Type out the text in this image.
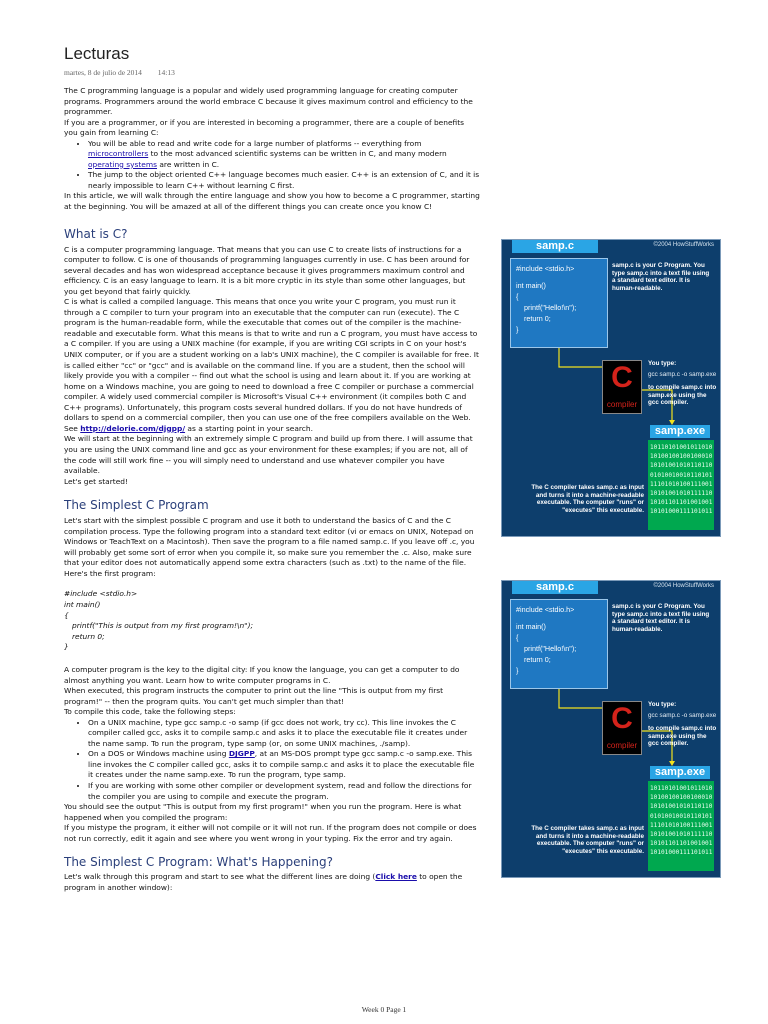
Lecturas
martes, 8 de julio de 2014 14:13

The C programming language is a popular and widely used programming language for creating computer programs. Programmers around the world embrace C because it gives maximum control and efficiency to the programmer.

If you are a programmer, or if you are interested in becoming a programmer, there are a couple of benefits you gain from learning C:

• You will be able to read and write code for a large number of platforms -- everything from microcontrollers to the most advanced scientific systems can be written in C, and many modern operating systems are written in C.
• The jump to the object oriented C++ language becomes much easier. C++ is an extension of C, and it is nearly impossible to learn C++ without learning C first.

In this article, we will walk through the entire language and show you how to become a C programmer, starting at the beginning. You will be amazed at all of the different things you can create once you know C!

What is C?

C is a computer programming language. That means that you can use C to create lists of instructions for a computer to follow. C is one of thousands of programming languages currently in use. C has been around for several decades and has won widespread acceptance because it gives programmers maximum control and efficiency. C is an easy language to learn. It is a bit more cryptic in its style than some other languages, but you get beyond that fairly quickly.

C is what is called a compiled language. This means that once you write your C program, you must run it through a C compiler to turn your program into an executable that the computer can run (execute). The C program is the human-readable form, while the executable that comes out of the compiler is the machine-readable and executable form. What this means is that to write and run a C program, you must have access to a C compiler. If you are using a UNIX machine (for example, if you are writing CGI scripts in C on your host's UNIX computer, or if you are a student working on a lab's UNIX machine), the C compiler is available for free. It is called either "cc" or "gcc" and is available on the command line. If you are a student, then the school will likely provide you with a compiler -- find out what the school is using and learn about it. If you are working at home on a Windows machine, you are going to need to download a free C compiler or purchase a commercial compiler. A widely used commercial compiler is Microsoft's Visual C++ environment (it compiles both C and C++ programs). Unfortunately, this program costs several hundred dollars. If you do not have hundreds of dollars to spend on a commercial compiler, then you can use one of the free compilers available on the Web. See http://delorie.com/djgpp/ as a starting point in your search.

We will start at the beginning with an extremely simple C program and build up from there. I will assume that you are using the UNIX command line and gcc as your environment for these examples; if you are not, all of the code will still work fine -- you will simply need to understand and use whatever compiler you have available.

Let's get started!

The Simplest C Program

Let's start with the simplest possible C program and use it both to understand the basics of C and the C compilation process. Type the following program into a standard text editor (vi or emacs on UNIX, Notepad on Windows or TeachText on a Macintosh). Then save the program to a file named samp.c. If you leave off .c, you will probably get some sort of error when you compile it, so make sure you remember the .c. Also, make sure that your editor does not automatically append some extra characters (such as .txt) to the name of the file. Here's the first program:

#include <stdio.h>
int main()
{
printf("This is output from my first program!\n");
return 0;
}

A computer program is the key to the digital city: If you know the language, you can get a computer to do almost anything you want. Learn how to write computer programs in C.

When executed, this program instructs the computer to print out the line "This is output from my first program!" -- then the program quits. You can't get much simpler than that!

To compile this code, take the following steps:

• On a UNIX machine, type gcc samp.c -o samp (if gcc does not work, try cc). This line invokes the C compiler called gcc, asks it to compile samp.c and asks it to place the executable file it creates under the name samp. To run the program, type samp (or, on some UNIX machines, ./samp).
• On a DOS or Windows machine using DJGPP, at an MS-DOS prompt type gcc samp.c -o samp.exe. This line invokes the C compiler called gcc, asks it to compile samp.c and asks it to place the executable file it creates under the name samp.exe. To run the program, type samp.
• If you are working with some other compiler or development system, read and follow the directions for the compiler you are using to compile and execute the program.

You should see the output "This is output from my first program!" when you run the program. Here is what happened when you compiled the program:

If you mistype the program, it either will not compile or it will not run. If the program does not compile or does not run correctly, edit it again and see where you went wrong in your typing. Fix the error and try again.

The Simplest C Program: What's Happening?

Let's walk through this program and start to see what the different lines are doing (Click here to open the program in another window):

samp.c	©2004 HowStuffWorks
#include <stdio.h>
int main()
{
printf("Hello!\n");
return 0;
}
samp.c is your C Program. You type samp.c into a text file using a standard text editor. It is human-readable.
You type:
gcc samp.c -o samp.exe
to compile samp.c into samp.exe using the gcc compiler.
C
compiler
samp.exe
10110101001011010
10100100100100010
10101001010110110
01010010010110101
11101010100111001
10101001010111110
10101101101001001
10101000111101011
The C compiler takes samp.c as input and turns it into a machine-readable executable. The computer "runs" or "executes" this executable.
samp.c	©2004 HowStuffWorks
#include <stdio.h>
int main()
{
printf("Hello!\n");
return 0;
}
samp.c is your C Program. You type samp.c into a text file using a standard text editor. It is human-readable.
You type:
gcc samp.c -o samp.exe
to compile samp.c into samp.exe using the gcc compiler.
C
compiler
samp.exe
10110101001011010
10100100100100010
10101001010110110
01010010010110101
11101010100111001
10101001010111110
10101101101001001
10101000111101011
The C compiler takes samp.c as input and turns it into a machine-readable executable. The computer "runs" or "executes" this executable.
Week 0 Page 1
